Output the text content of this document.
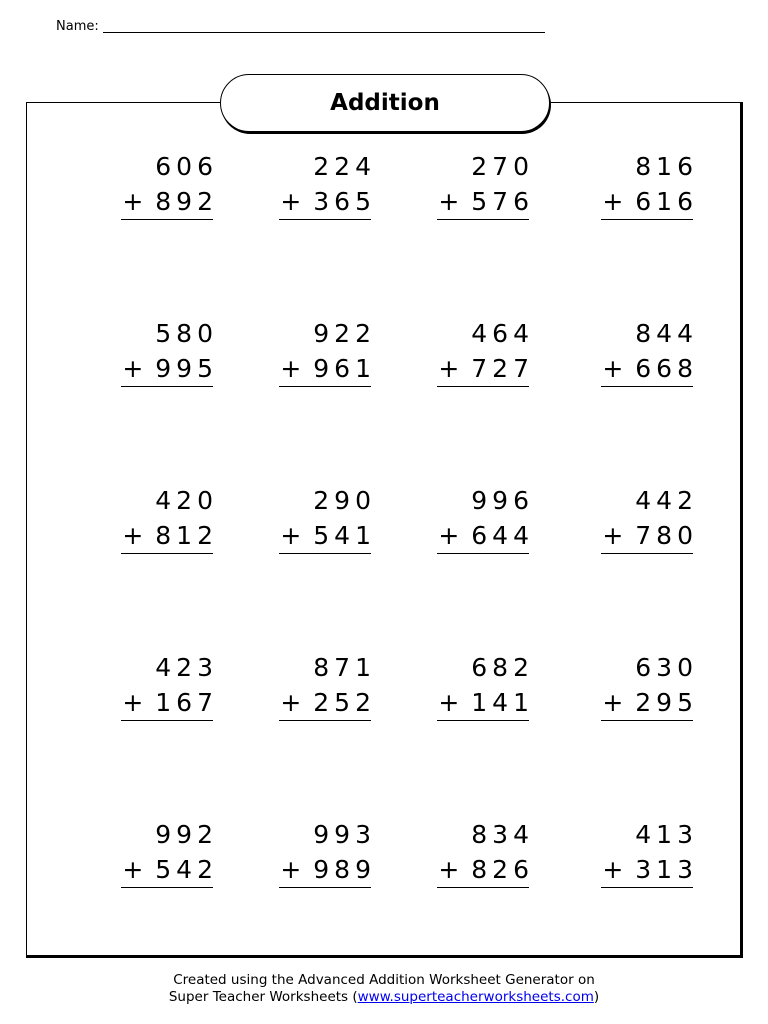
Name:
Addition
606
+ 892
224
+ 365
270
+ 576
816
+ 616
580
+ 995
922
+ 961
464
+ 727
844
+ 668
420
+ 812
290
+ 541
996
+ 644
442
+ 780
423
+ 167
871
+ 252
682
+ 141
630
+ 295
992
+ 542
993
+ 989
834
+ 826
413
+ 313
Created using the Advanced Addition Worksheet Generator on
Super Teacher Worksheets (www.superteacherworksheets.com)
